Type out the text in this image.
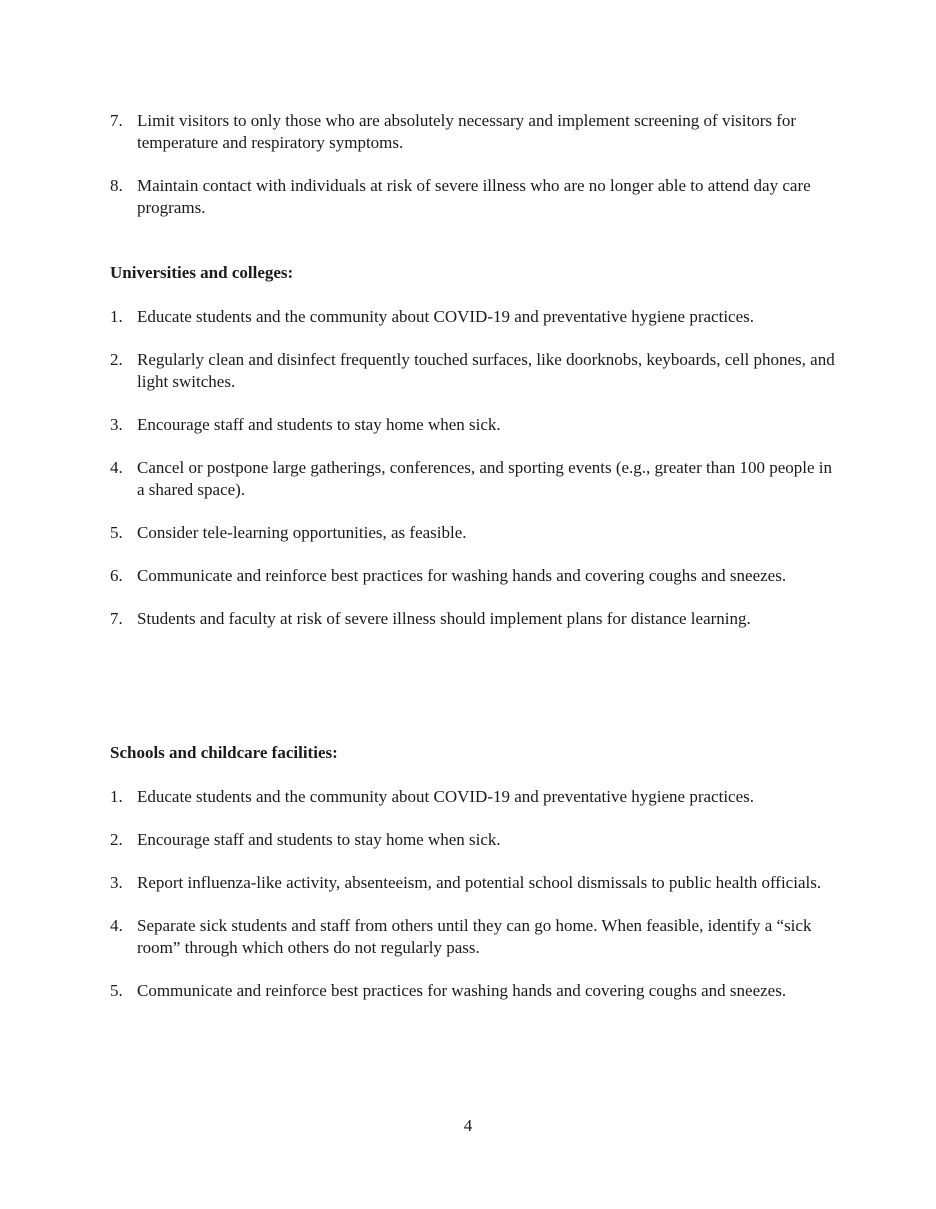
7. Limit visitors to only those who are absolutely necessary and implement screening of visitors for temperature and respiratory symptoms.
8. Maintain contact with individuals at risk of severe illness who are no longer able to attend day care programs.

Universities and colleges:

1. Educate students and the community about COVID-19 and preventative hygiene practices.
2. Regularly clean and disinfect frequently touched surfaces, like doorknobs, keyboards, cell phones, and light switches.
3. Encourage staff and students to stay home when sick.
4. Cancel or postpone large gatherings, conferences, and sporting events (e.g., greater than 100 people in a shared space).
5. Consider tele-learning opportunities, as feasible.
6. Communicate and reinforce best practices for washing hands and covering coughs and sneezes.
7. Students and faculty at risk of severe illness should implement plans for distance learning.

Schools and childcare facilities:

1. Educate students and the community about COVID-19 and preventative hygiene practices.
2. Encourage staff and students to stay home when sick.
3. Report influenza-like activity, absenteeism, and potential school dismissals to public health officials.
4. Separate sick students and staff from others until they can go home. When feasible, identify a “sick room” through which others do not regularly pass.
5. Communicate and reinforce best practices for washing hands and covering coughs and sneezes.
4
